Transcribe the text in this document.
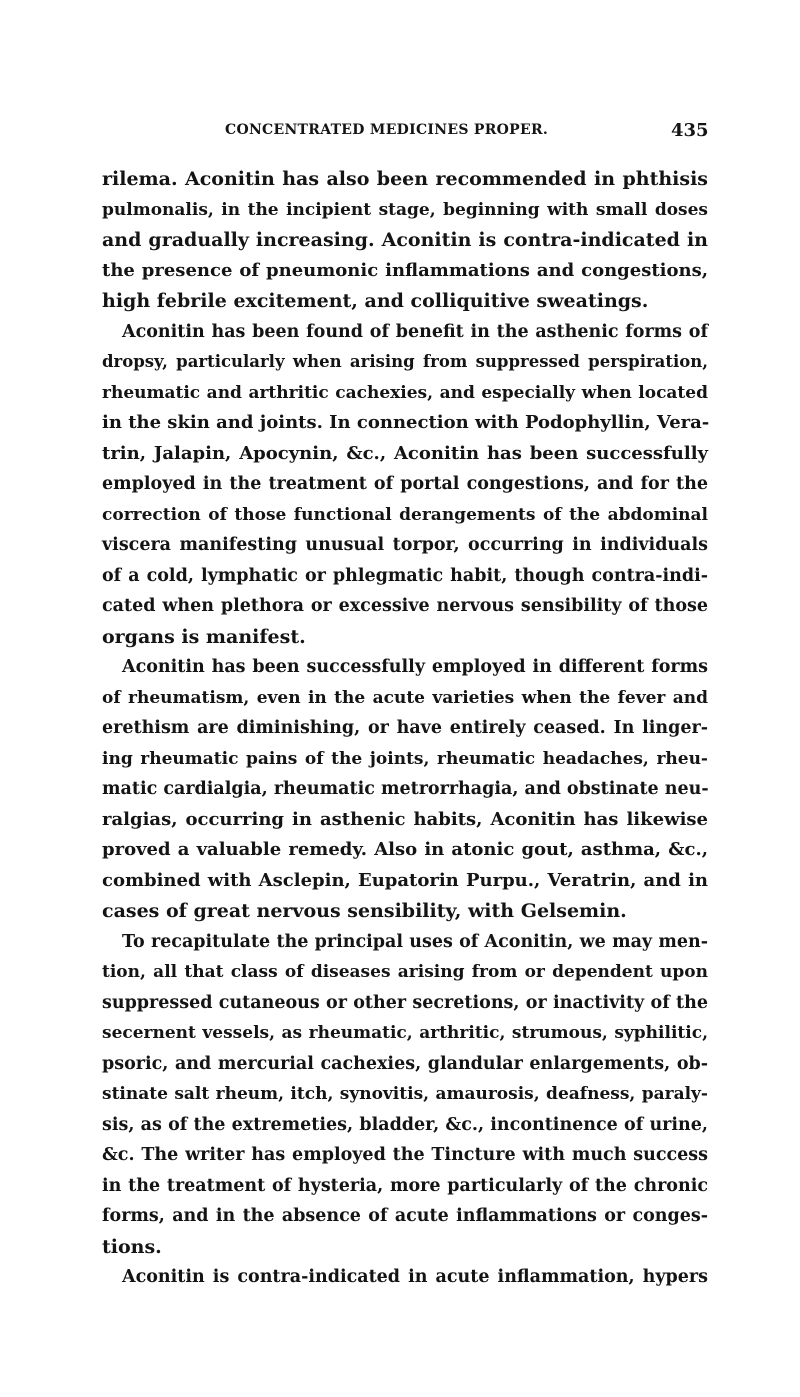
CONCENTRATED MEDICINES PROPER.	435
rilema. Aconitin has also been recommended in phthisis
pulmonalis, in the incipient stage, beginning with small doses
and gradually increasing. Aconitin is contra-indicated in
the presence of pneumonic inflammations and congestions,
high febrile excitement, and colliquitive sweatings.
Aconitin has been found of benefit in the asthenic forms of
dropsy, particularly when arising from suppressed perspiration,
rheumatic and arthritic cachexies, and especially when located
in the skin and joints. In connection with Podophyllin, Vera-
trin, Jalapin, Apocynin, &c., Aconitin has been successfully
employed in the treatment of portal congestions, and for the
correction of those functional derangements of the abdominal
viscera manifesting unusual torpor, occurring in individuals
of a cold, lymphatic or phlegmatic habit, though contra-indi-
cated when plethora or excessive nervous sensibility of those
organs is manifest.
Aconitin has been successfully employed in different forms
of rheumatism, even in the acute varieties when the fever and
erethism are diminishing, or have entirely ceased. In linger-
ing rheumatic pains of the joints, rheumatic headaches, rheu-
matic cardialgia, rheumatic metrorrhagia, and obstinate neu-
ralgias, occurring in asthenic habits, Aconitin has likewise
proved a valuable remedy. Also in atonic gout, asthma, &c.,
combined with Asclepin, Eupatorin Purpu., Veratrin, and in
cases of great nervous sensibility, with Gelsemin.
To recapitulate the principal uses of Aconitin, we may men-
tion, all that class of diseases arising from or dependent upon
suppressed cutaneous or other secretions, or inactivity of the
secernent vessels, as rheumatic, arthritic, strumous, syphilitic,
psoric, and mercurial cachexies, glandular enlargements, ob-
stinate salt rheum, itch, synovitis, amaurosis, deafness, paraly-
sis, as of the extremeties, bladder, &c., incontinence of urine,
&c. The writer has employed the Tincture with much success
in the treatment of hysteria, more particularly of the chronic
forms, and in the absence of acute inflammations or conges-
tions.
Aconitin is contra-indicated in acute inflammation, hypers
